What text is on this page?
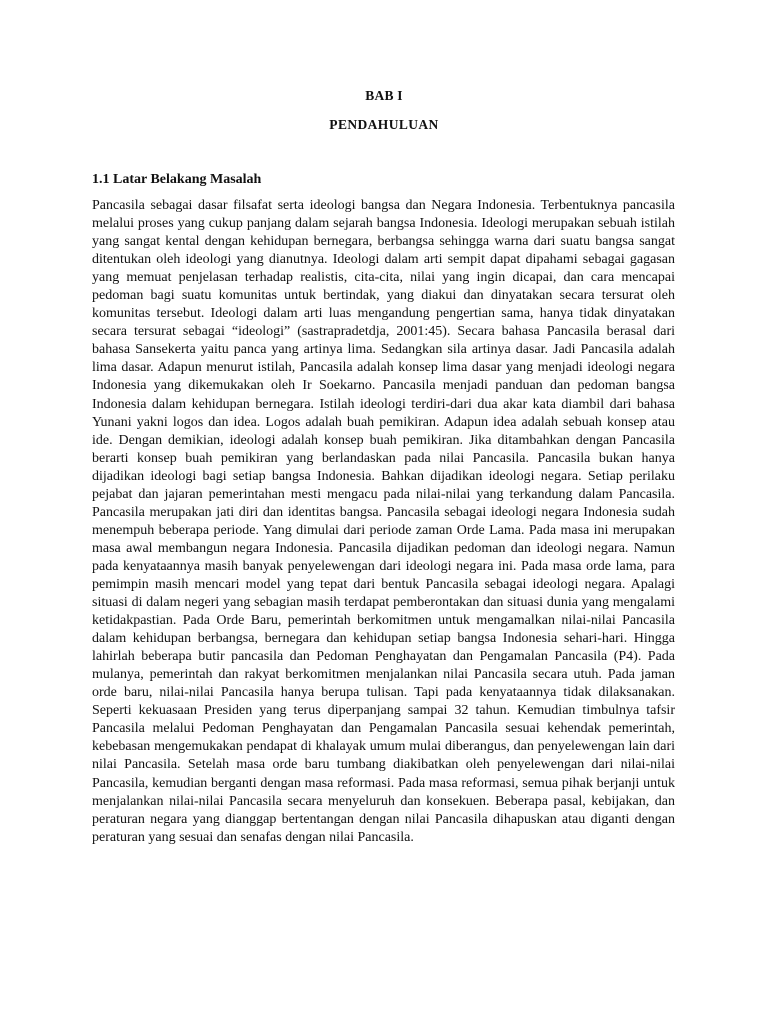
BAB I
PENDAHULUAN
1.1 Latar Belakang Masalah

Pancasila sebagai dasar filsafat serta ideologi bangsa dan Negara Indonesia. Terbentuknya pancasila melalui proses yang cukup panjang dalam sejarah bangsa Indonesia. Ideologi merupakan sebuah istilah yang sangat kental dengan kehidupan bernegara, berbangsa sehingga warna dari suatu bangsa sangat ditentukan oleh ideologi yang dianutnya. Ideologi dalam arti sempit dapat dipahami sebagai gagasan yang memuat penjelasan terhadap realistis, cita-cita, nilai yang ingin dicapai, dan cara mencapai pedoman bagi suatu komunitas untuk bertindak, yang diakui dan dinyatakan secara tersurat oleh komunitas tersebut. Ideologi dalam arti luas mengandung pengertian sama, hanya tidak dinyatakan secara tersurat sebagai “ideologi” (sastrapradetdja, 2001:45). Secara bahasa Pancasila berasal dari bahasa Sansekerta yaitu panca yang artinya lima. Sedangkan sila artinya dasar. Jadi Pancasila adalah lima dasar. Adapun menurut istilah, Pancasila adalah konsep lima dasar yang menjadi ideologi negara Indonesia yang dikemukakan oleh Ir Soekarno. Pancasila menjadi panduan dan pedoman bangsa Indonesia dalam kehidupan bernegara. Istilah ideologi terdiri-dari dua akar kata diambil dari bahasa Yunani yakni logos dan idea. Logos adalah buah pemikiran. Adapun idea adalah sebuah konsep atau ide. Dengan demikian, ideologi adalah konsep buah pemikiran. Jika ditambahkan dengan Pancasila berarti konsep buah pemikiran yang berlandaskan pada nilai Pancasila. Pancasila bukan hanya dijadikan ideologi bagi setiap bangsa Indonesia. Bahkan dijadikan ideologi negara. Setiap perilaku pejabat dan jajaran pemerintahan mesti mengacu pada nilai-nilai yang terkandung dalam Pancasila. Pancasila merupakan jati diri dan identitas bangsa. Pancasila sebagai ideologi negara Indonesia sudah menempuh beberapa periode. Yang dimulai dari periode zaman Orde Lama. Pada masa ini merupakan masa awal membangun negara Indonesia. Pancasila dijadikan pedoman dan ideologi negara. Namun pada kenyataannya masih banyak penyelewengan dari ideologi negara ini. Pada masa orde lama, para pemimpin masih mencari model yang tepat dari bentuk Pancasila sebagai ideologi negara. Apalagi situasi di dalam negeri yang sebagian masih terdapat pemberontakan dan situasi dunia yang mengalami ketidakpastian. Pada Orde Baru, pemerintah berkomitmen untuk mengamalkan nilai-nilai Pancasila dalam kehidupan berbangsa, bernegara dan kehidupan setiap bangsa Indonesia sehari-hari. Hingga lahirlah beberapa butir pancasila dan Pedoman Penghayatan dan Pengamalan Pancasila (P4). Pada mulanya, pemerintah dan rakyat berkomitmen menjalankan nilai Pancasila secara utuh. Pada jaman orde baru, nilai-nilai Pancasila hanya berupa tulisan. Tapi pada kenyataannya tidak dilaksanakan. Seperti kekuasaan Presiden yang terus diperpanjang sampai 32 tahun. Kemudian timbulnya tafsir Pancasila melalui Pedoman Penghayatan dan Pengamalan Pancasila sesuai kehendak pemerintah, kebebasan mengemukakan pendapat di khalayak umum mulai diberangus, dan penyelewengan lain dari nilai Pancasila. Setelah masa orde baru tumbang diakibatkan oleh penyelewengan dari nilai-nilai Pancasila, kemudian berganti dengan masa reformasi. Pada masa reformasi, semua pihak berjanji untuk menjalankan nilai-nilai Pancasila secara menyeluruh dan konsekuen. Beberapa pasal, kebijakan, dan peraturan negara yang dianggap bertentangan dengan nilai Pancasila dihapuskan atau diganti dengan peraturan yang sesuai dan senafas dengan nilai Pancasila.
